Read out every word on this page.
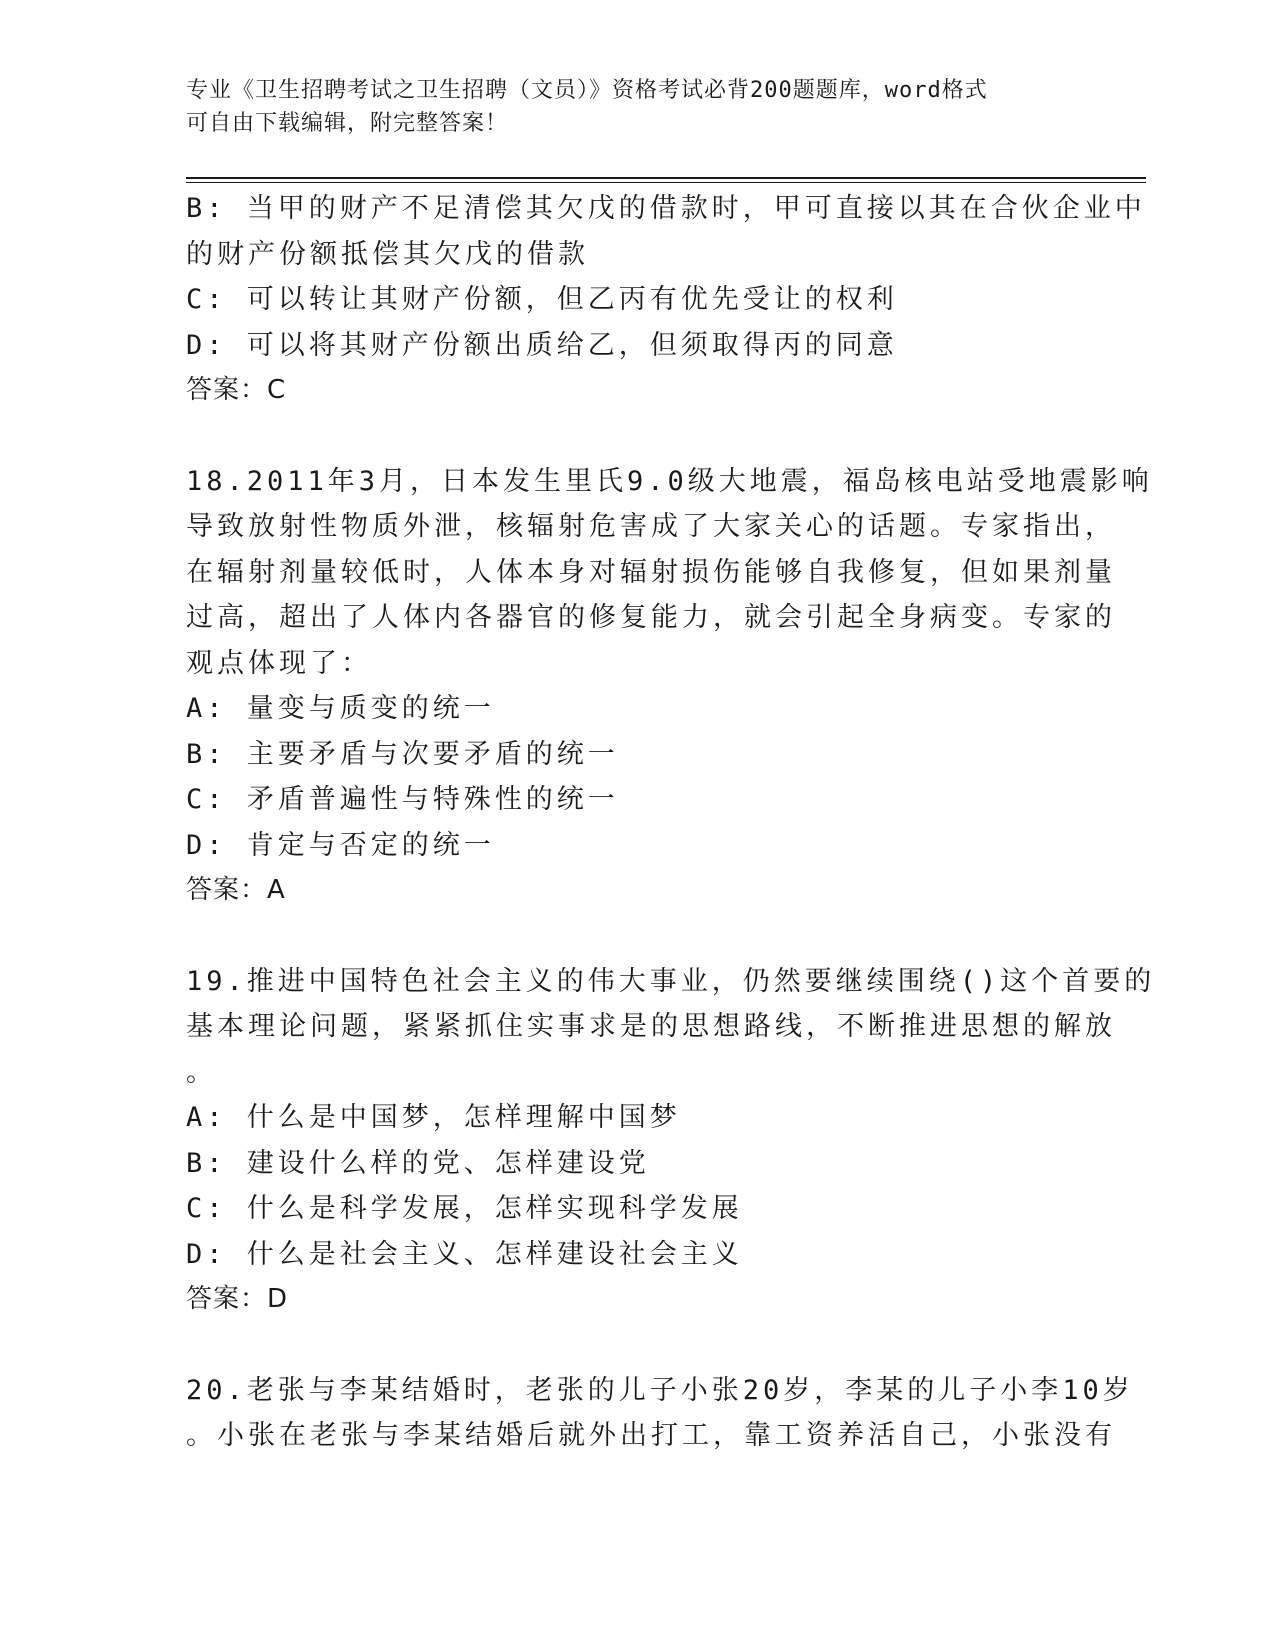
专业《卫生招聘考试之卫生招聘（文员）》资格考试必背200题题库，word格式
可自由下载编辑，附完整答案！
B: 当甲的财产不足清偿其欠戊的借款时，甲可直接以其在合伙企业中
的财产份额抵偿其欠戊的借款
C: 可以转让其财产份额，但乙丙有优先受让的权利
D: 可以将其财产份额出质给乙，但须取得丙的同意
答案：C
18.2011年3月，日本发生里氏9.0级大地震，福岛核电站受地震影响
导致放射性物质外泄，核辐射危害成了大家关心的话题。专家指出，
在辐射剂量较低时，人体本身对辐射损伤能够自我修复，但如果剂量
过高，超出了人体内各器官的修复能力，就会引起全身病变。专家的
观点体现了：
A: 量变与质变的统一
B: 主要矛盾与次要矛盾的统一
C: 矛盾普遍性与特殊性的统一
D: 肯定与否定的统一
答案：A
19.推进中国特色社会主义的伟大事业，仍然要继续围绕()这个首要的
基本理论问题，紧紧抓住实事求是的思想路线，不断推进思想的解放
。
A: 什么是中国梦，怎样理解中国梦
B: 建设什么样的党、怎样建设党
C: 什么是科学发展，怎样实现科学发展
D: 什么是社会主义、怎样建设社会主义
答案：D
20.老张与李某结婚时，老张的儿子小张20岁，李某的儿子小李10岁
。小张在老张与李某结婚后就外出打工，靠工资养活自己，小张没有
